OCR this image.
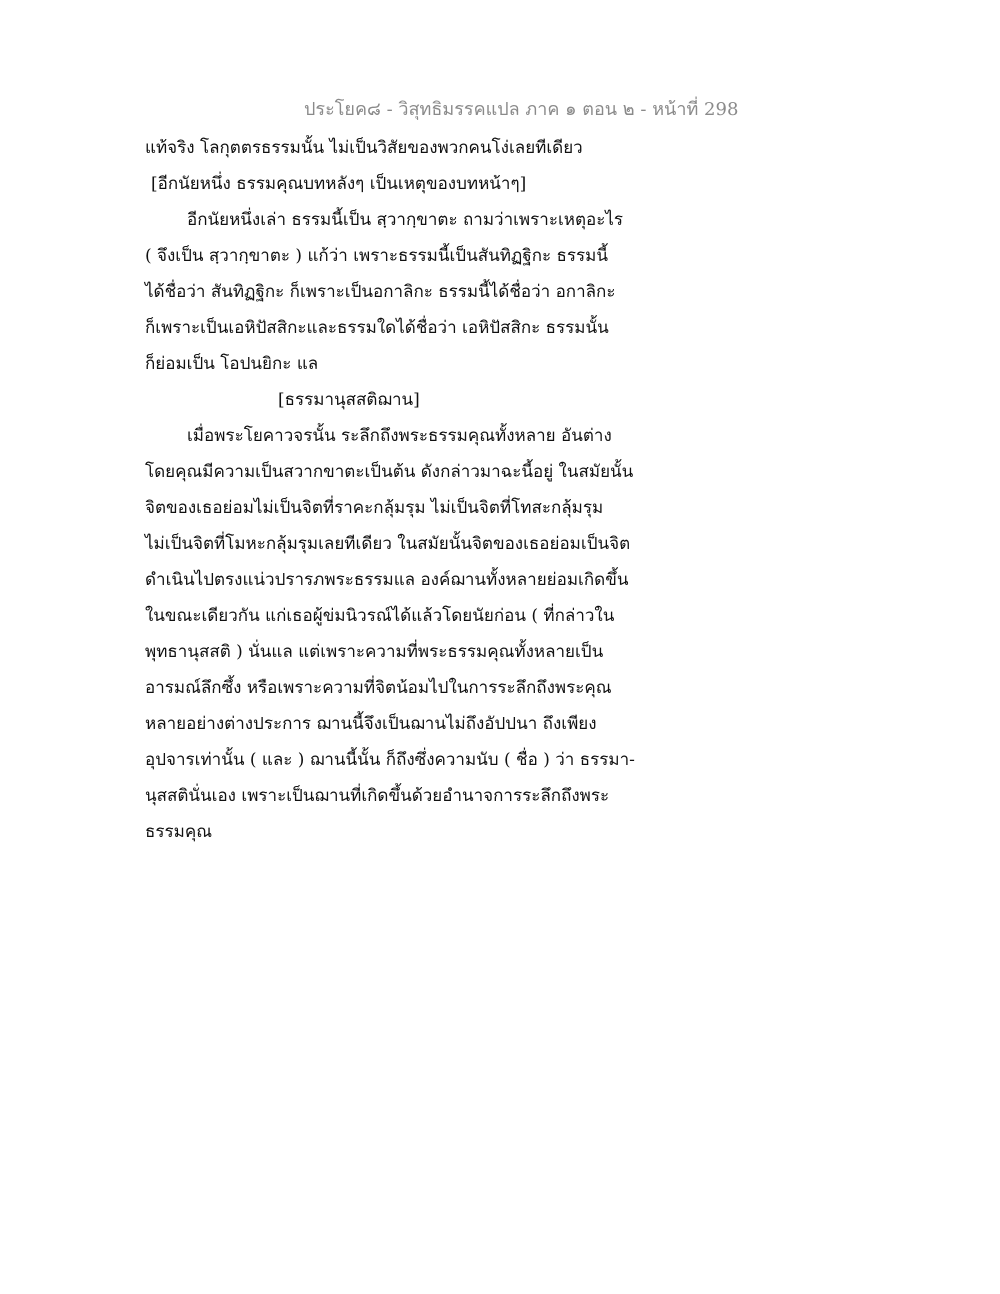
ประโยค๘ - วิสุทธิมรรคแปล ภาค ๑ ตอน ๒ - หน้าที่ 298
แท้จริง โลกุตตรธรรมนั้น ไม่เป็นวิสัยของพวกคนโง่เลยทีเดียว
[อีกนัยหนึ่ง ธรรมคุณบทหลังๆ เป็นเหตุของบทหน้าๆ]
อีกนัยหนึ่งเล่า ธรรมนี้เป็น สฺวากฺขาตะ ถามว่าเพราะเหตุอะไร
( จึงเป็น สฺวากฺขาตะ ) แก้ว่า เพราะธรรมนี้เป็นสันทิฏฐิกะ ธรรมนี้
ได้ชื่อว่า สันทิฏฐิกะ ก็เพราะเป็นอกาลิกะ ธรรมนี้ได้ชื่อว่า อกาลิกะ
ก็เพราะเป็นเอหิปัสสิกะและธรรมใดได้ชื่อว่า เอหิปัสสิกะ ธรรมนั้น
ก็ย่อมเป็น โอปนยิกะ แล
[ธรรมานุสสติฌาน]
เมื่อพระโยคาวจรนั้น ระลึกถึงพระธรรมคุณทั้งหลาย อันต่าง
โดยคุณมีความเป็นสวากขาตะเป็นต้น ดังกล่าวมาฉะนี้อยู่ ในสมัยนั้น
จิตของเธอย่อมไม่เป็นจิตที่ราคะกลุ้มรุม ไม่เป็นจิตที่โทสะกลุ้มรุม
ไม่เป็นจิตที่โมหะกลุ้มรุมเลยทีเดียว ในสมัยนั้นจิตของเธอย่อมเป็นจิต
ดำเนินไปตรงแน่วปรารภพระธรรมแล องค์ฌานทั้งหลายย่อมเกิดขึ้น
ในขณะเดียวกัน แก่เธอผู้ข่มนิวรณ์ได้แล้วโดยนัยก่อน ( ที่กล่าวใน
พุทธานุสสติ ) นั่นแล แต่เพราะความที่พระธรรมคุณทั้งหลายเป็น
อารมณ์ลึกซึ้ง หรือเพราะความที่จิตน้อมไปในการระลึกถึงพระคุณ
หลายอย่างต่างประการ ฌานนี้จึงเป็นฌานไม่ถึงอัปปนา ถึงเพียง
อุปจารเท่านั้น ( และ ) ฌานนี้นั้น ก็ถึงซึ่งความนับ ( ชื่อ ) ว่า ธรรมา-
นุสสตินั่นเอง เพราะเป็นฌานที่เกิดขึ้นด้วยอำนาจการระลึกถึงพระ
ธรรมคุณ
